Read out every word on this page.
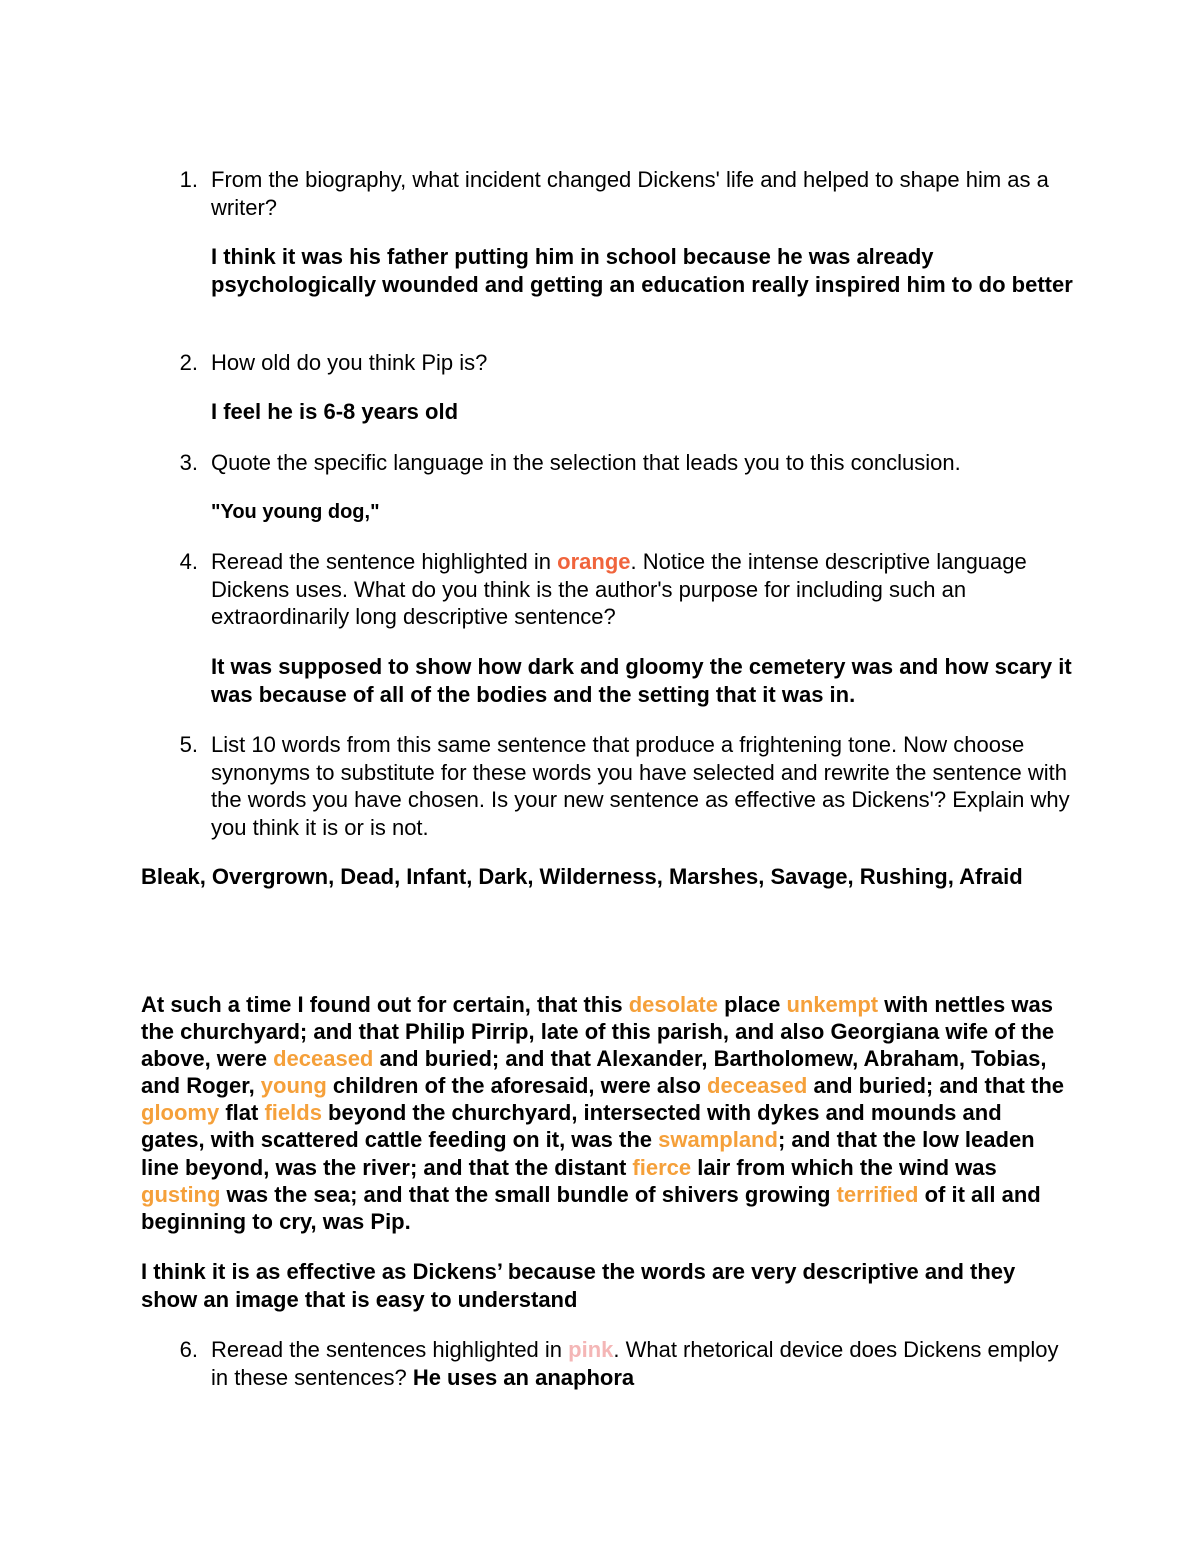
1. From the biography, what incident changed Dickens' life and helped to shape him as a writer?
I think it was his father putting him in school because he was already psychologically wounded and getting an education really inspired him to do better
2. How old do you think Pip is?
I feel he is 6-8 years old
3. Quote the specific language in the selection that leads you to this conclusion.
"You young dog,"
4. Reread the sentence highlighted in orange. Notice the intense descriptive language Dickens uses. What do you think is the author's purpose for including such an extraordinarily long descriptive sentence?
It was supposed to show how dark and gloomy the cemetery was and how scary it was because of all of the bodies and the setting that it was in.
5. List 10 words from this same sentence that produce a frightening tone. Now choose synonyms to substitute for these words you have selected and rewrite the sentence with the words you have chosen. Is your new sentence as effective as Dickens'? Explain why you think it is or is not.
Bleak, Overgrown, Dead, Infant, Dark, Wilderness, Marshes, Savage, Rushing, Afraid
At such a time I found out for certain, that this desolate place unkempt with nettles was the churchyard; and that Philip Pirrip, late of this parish, and also Georgiana wife of the above, were deceased and buried; and that Alexander, Bartholomew, Abraham, Tobias, and Roger, young children of the aforesaid, were also deceased and buried; and that the gloomy flat fields beyond the churchyard, intersected with dykes and mounds and gates, with scattered cattle feeding on it, was the swampland; and that the low leaden line beyond, was the river; and that the distant fierce lair from which the wind was gusting was the sea; and that the small bundle of shivers growing terrified of it all and beginning to cry, was Pip.
I think it is as effective as Dickens’ because the words are very descriptive and they show an image that is easy to understand
6. Reread the sentences highlighted in pink. What rhetorical device does Dickens employ in these sentences? He uses an anaphora
